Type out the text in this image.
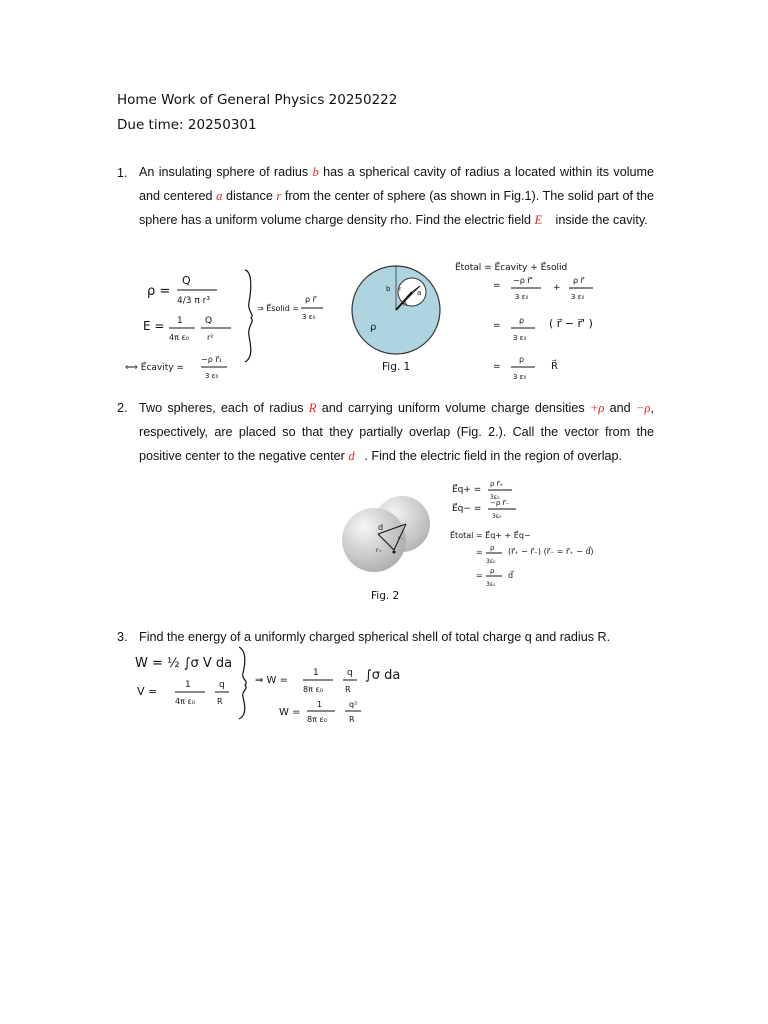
Home Work of General Physics 20250222
Due time: 20250301
1. An insulating sphere of radius b has a spherical cavity of radius a located within its volume and centered a distance r from the center of sphere (as shown in Fig.1). The solid part of the sphere has a uniform volume charge density rho. Find the electric field E⃗ inside the cavity.
ρ =
Q
4/3 π r³
E = 1
4π ε₀
Q
r²
⇒ E⃗solid =
ρ r⃗
3 ε₀
⟺ E⃗cavity =
−ρ r⃗₁
3 ε₀
b r a
R
ρ
Fig. 1
E⃗total = E⃗cavity + E⃗solid
=
−ρ r⃗'
3 ε₀
+
ρ r⃗
3 ε₀
=
ρ
3 ε₀
( r⃗ − r⃗' )
=
ρ
3 ε₀
R⃗
2. Two spheres, each of radius R and carrying uniform volume charge densities +ρ and −ρ, respectively, are placed so that they partially overlap (Fig. 2.). Call the vector from the positive center to the negative center d⃗. Find the electric field in the region of overlap.
d
r₊
r₋
Fig. 2
E⃗q+ =
ρ r⃗₊
3ε₀
E⃗q− =
−ρ r⃗₋
3ε₀
E⃗total = E⃗q+ + E⃗q−
= ρ
3ε₀
(r⃗₊ − r⃗₋) (r⃗₋ = r⃗₊ − d⃗)
= ρ
3ε₀
d⃗
3. Find the energy of a uniformly charged spherical shell of total charge q and radius R.
W = ½ ∫σ V da
V =	1
4π ε₀
q
R
⇒ W =
1
8π ε₀
q
R
∫σ da
W =
1
8π ε₀
q²
R
